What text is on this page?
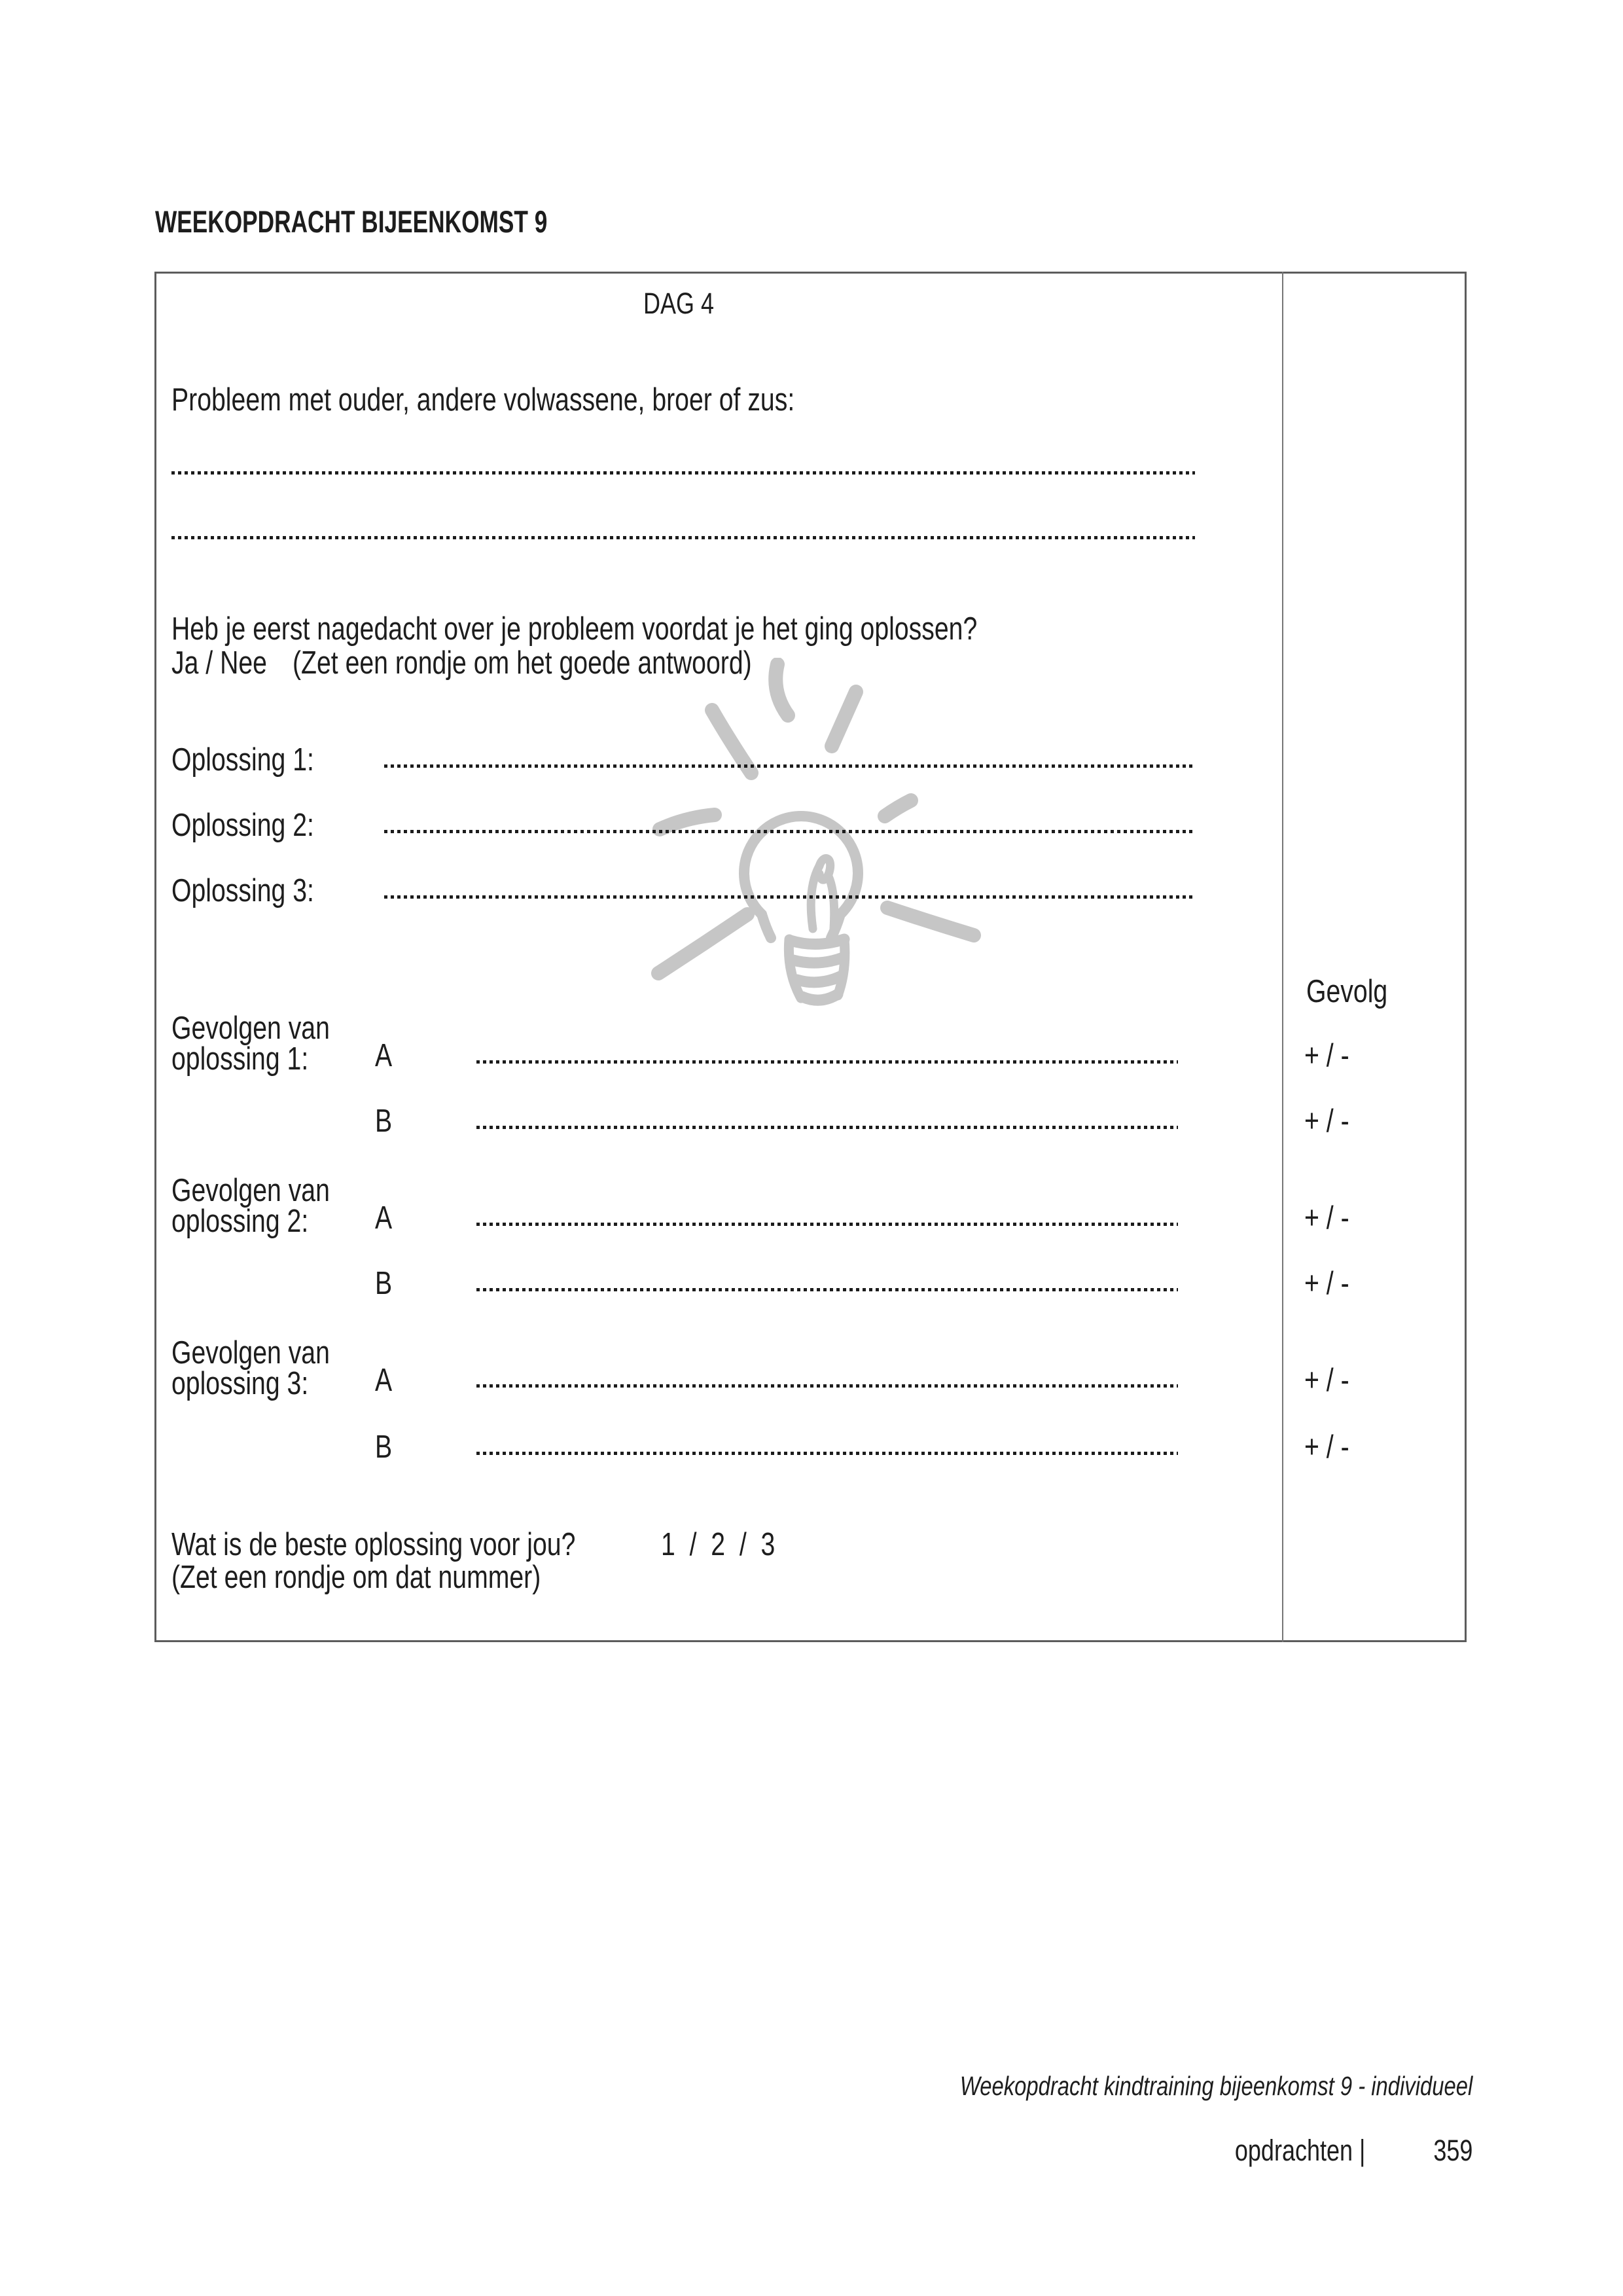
WEEKOPDRACHT BIJEENKOMST 9
DAG 4
Probleem met ouder, andere volwassene, broer of zus:
Heb je eerst nagedacht over je probleem voordat je het ging oplossen?
Ja / Nee (Zet een rondje om het goede antwoord)
Oplossing 1:
Oplossing 2:
Oplossing 3:
Gevolg
Gevolgen van
oplossing 1:	A	+ / -
B	+ / -
Gevolgen van
oplossing 2:	A	+ / -
B	+ / -
Gevolgen van
oplossing 3:	A	+ / -
B	+ / -
Wat is de beste oplossing voor jou?	1  /  2  /  3
(Zet een rondje om dat nummer)
Weekopdracht kindtraining bijeenkomst 9 - individueel
opdrachten | 359
